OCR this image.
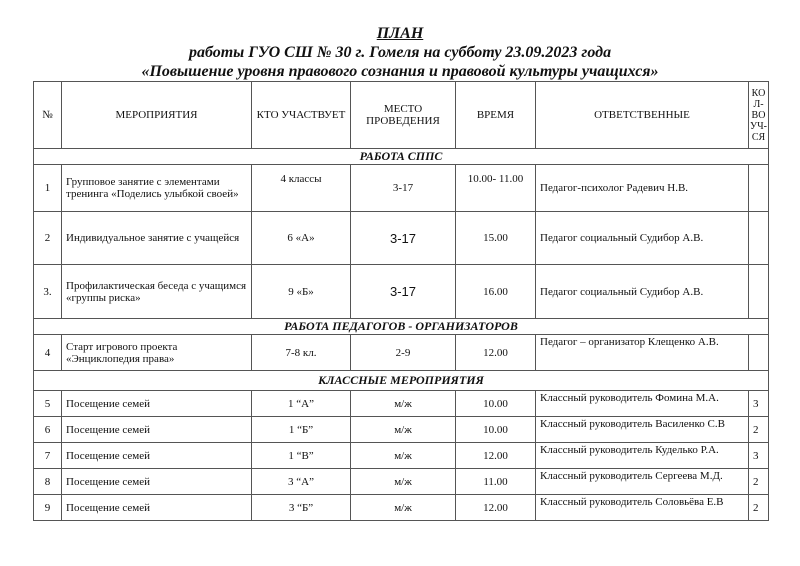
ПЛАН
работы ГУО СШ № 30 г. Гомеля на субботу 23.09.2023 года
«Повышение уровня правового сознания и правовой культуры учащихся»
№	МЕРОПРИЯТИЯ	КТО УЧАСТВУЕТ	МЕСТО ПРОВЕДЕНИЯ	ВРЕМЯ	ОТВЕТСТВЕННЫЕ	КО Л- ВО УЧ- СЯ
РАБОТА СППС						
1	Групповое занятие с элементами тренинга «Поделись улыбкой своей»	4 классы	3-17	10.00- 11.00	Педагог-психолог Радевич Н.В.	
2	Индивидуальное занятие с учащейся	6 «А»	3-17	15.00	Педагог социальный Судибор А.В.	
3.	Профилактическая беседа с учащимся «группы риска»	9 «Б»	3-17	16.00	Педагог социальный Судибор А.В.	
РАБОТА ПЕДАГОГОВ - ОРГАНИЗАТОРОВ						
4	Старт игрового проекта «Энциклопедия права»	7-8 кл.	2-9	12.00	Педагог – организатор Клещенко А.В.	
КЛАССНЫЕ МЕРОПРИЯТИЯ						
5	Посещение семей	1 “А”	м/ж	10.00	Классный руководитель Фомина М.А.	3
6	Посещение семей	1 “Б”	м/ж	10.00	Классный руководитель Василенко С.В	2
7	Посещение семей	1 “В”	м/ж	12.00	Классный руководитель Куделько Р.А.	3
8	Посещение семей	3 “А”	м/ж	11.00	Классный руководитель Сергеева М.Д.	2
9	Посещение семей	3 “Б”	м/ж	12.00	Классный руководитель Соловьёва Е.В	2
